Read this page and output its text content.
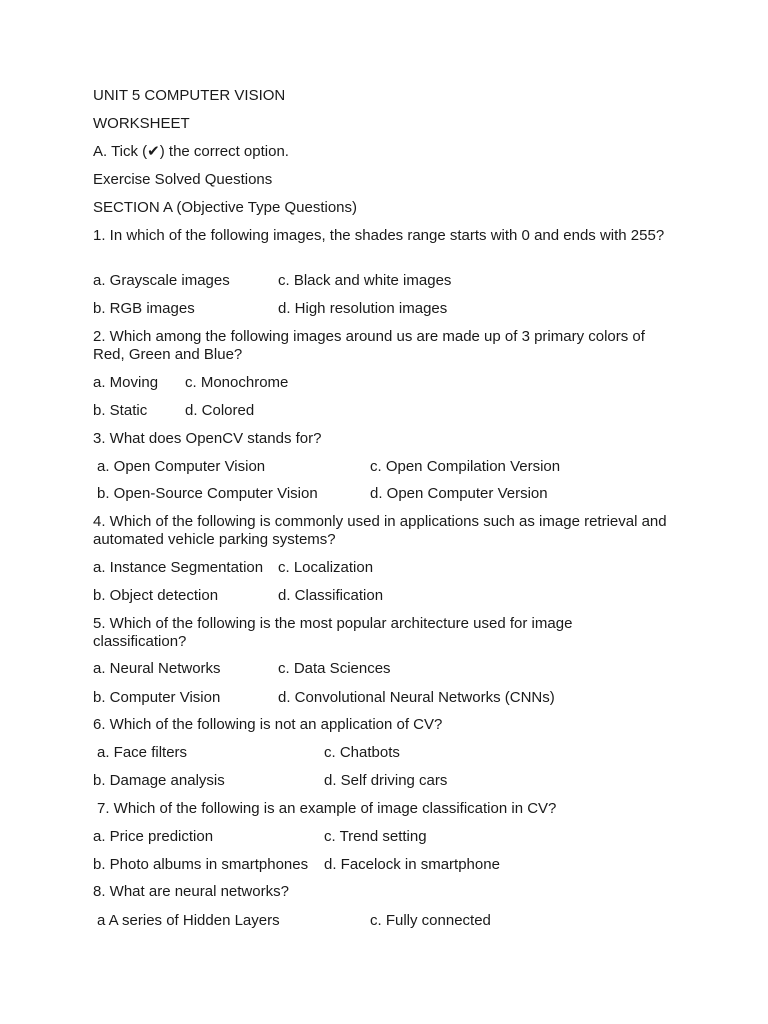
UNIT 5 COMPUTER VISION
WORKSHEET
A. Tick (✔) the correct option.
Exercise Solved Questions
SECTION A (Objective Type Questions)
1. In which of the following images, the shades range starts with 0 and ends with 255?
a. Grayscale images	c. Black and white images
b. RGB images	d. High resolution images
2. Which among the following images around us are made up of 3 primary colors of Red, Green and Blue?
a. Moving c. Monochrome
b. Static	d. Colored
3. What does OpenCV stands for?
a. Open Computer Vision	c. Open Compilation Version
b. Open-Source Computer Vision	d. Open Computer Version
4. Which of the following is commonly used in applications such as image retrieval and automated vehicle parking systems?
a. Instance Segmentation c. Localization
b. Object detection	d. Classification
5. Which of the following is the most popular architecture used for image classification?
a. Neural Networks	c. Data Sciences
b. Computer Vision	d. Convolutional Neural Networks (CNNs)
6. Which of the following is not an application of CV?
a. Face filters	c. Chatbots
b. Damage analysis	d. Self driving cars
7. Which of the following is an example of image classification in CV?
a. Price prediction	c. Trend setting
b. Photo albums in smartphones d. Facelock in smartphone
8. What are neural networks?
a A series of Hidden Layers	c. Fully connected
